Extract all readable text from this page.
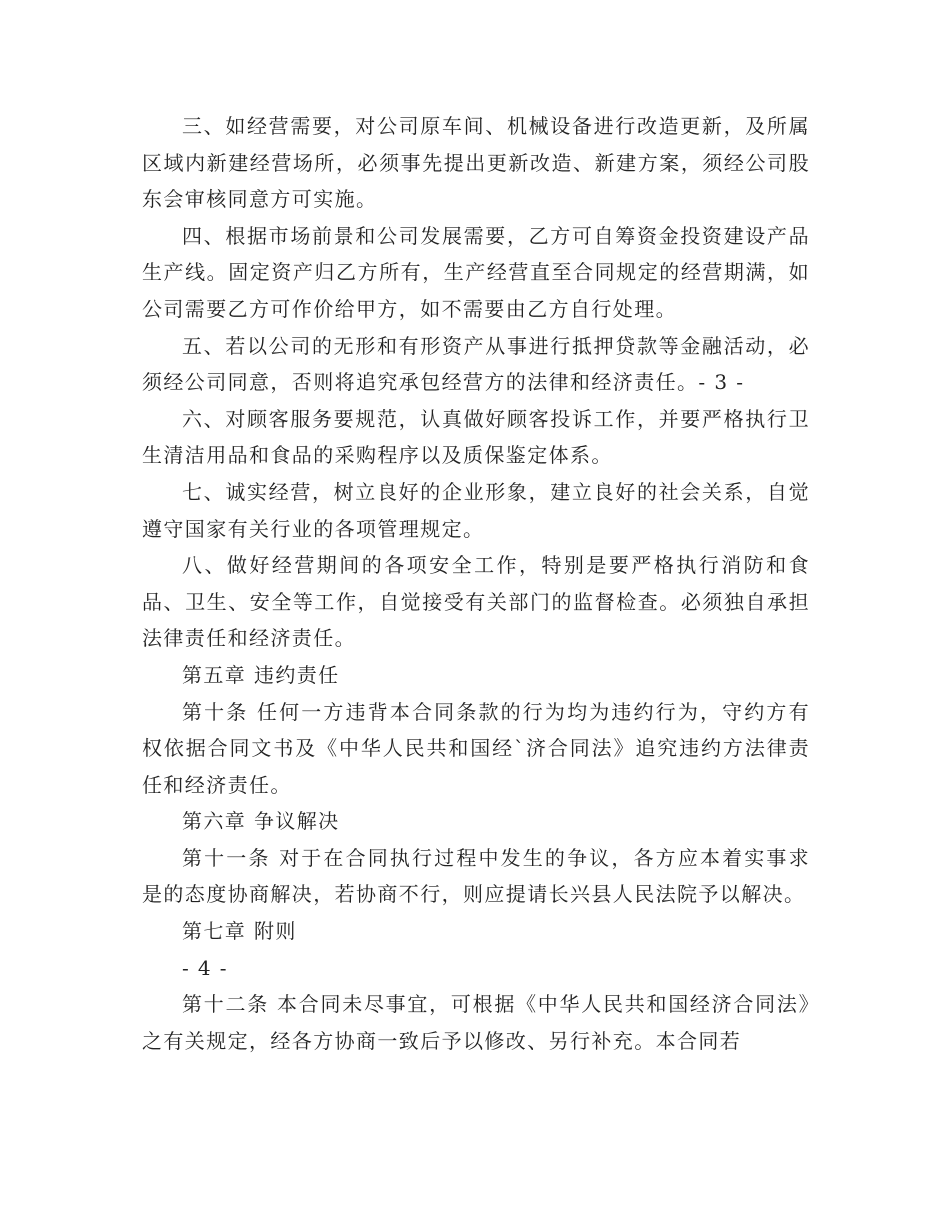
三、如经营需要，对公司原车间、机械设备进行改造更新，及所属区域内新建经营场所，必须事先提出更新改造、新建方案，须经公司股东会审核同意方可实施。

四、根据市场前景和公司发展需要，乙方可自筹资金投资建设产品生产线。固定资产归乙方所有，生产经营直至合同规定的经营期满，如公司需要乙方可作价给甲方，如不需要由乙方自行处理。

五、若以公司的无形和有形资产从事进行抵押贷款等金融活动，必须经公司同意，否则将追究承包经营方的法律和经济责任。- 3 -

六、对顾客服务要规范，认真做好顾客投诉工作，并要严格执行卫生清洁用品和食品的采购程序以及质保鉴定体系。

七、诚实经营，树立良好的企业形象，建立良好的社会关系，自觉遵守国家有关行业的各项管理规定。

八、做好经营期间的各项安全工作，特别是要严格执行消防和食品、卫生、安全等工作，自觉接受有关部门的监督检查。必须独自承担法律责任和经济责任。

第五章 违约责任

第十条 任何一方违背本合同条款的行为均为违约行为，守约方有权依据合同文书及《中华人民共和国经`济合同法》追究违约方法律责任和经济责任。

第六章 争议解决

第十一条 对于在合同执行过程中发生的争议，各方应本着实事求是的态度协商解决，若协商不行，则应提请长兴县人民法院予以解决。

第七章 附则

- 4 -

第十二条 本合同未尽事宜，可根据《中华人民共和国经济合同法》之有关规定，经各方协商一致后予以修改、另行补充。本合同若
